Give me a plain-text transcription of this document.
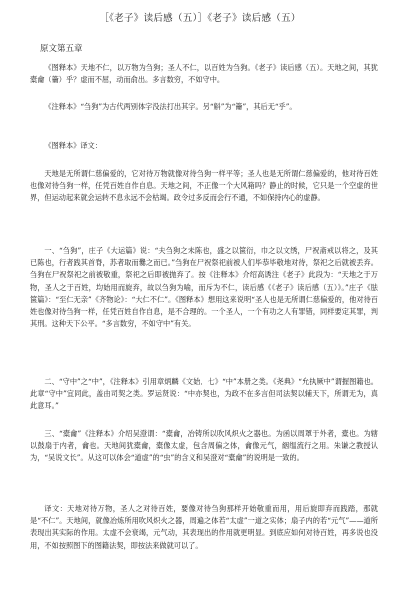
［《老子》读后感（五）］《老子》读后感（五）
原文第五章

《图释本》天地不仁，以万物为刍狗；圣人不仁，以百姓为刍狗。《老子》读后感（五）。天地之间，其犹橐龠（籥）乎？虚而不屈，动而俞出。多言数穷，不如守中。

《注释本》“刍狗”为古代两别体字没法打出其字。另“斛”为“籥”，其后无“乎”。

《图释本》译文：

天地是无所谓仁慈偏爱的，它对待万物就像对待刍狗一样平等；圣人也是无所谓仁慈偏爱的，他对待百姓也像对待刍狗一样，任凭百姓自作自息。天地之间，不正像一个大风箱吗？静止的时候，它只是一个空虚的世界，但运动起来就会运转不息永远不会枯竭。政令过多反而会行不通，不如保持内心的虚静。

一、“刍狗”，庄子《大运篇》说：“夫刍狗之未陈也，盛之以箧衍，巾之以文绣，尸祝斋戒以将之，及其已陈也，行者践其首脊，苏者取而爨之而已。”刍狗在尸祝祭祀前被人们毕恭毕敬地对待，祭祀之后就被丢弃。刍狗在尸祝祭祀之前被敬重，祭祀之后即被抛弃了。按《注释本》介绍高诱注《老子》此段为：“天地之于万物，圣人之于百姓，均始用而旋弃，故以刍狗为喻，而斥为不仁，读后感《《老子》读后感（五）》。”庄子《胠箧篇》：“至仁无亲”《齐物论》：“大仁不仁”。《图释本》想用这来说明“圣人也是无所谓仁慈偏爱的，他对待百姓也像对待刍狗一样，任凭百姓自作自息，是不合理的。一个圣人，一个有功之人有罪错，同样要定其罪，判其刑。这种天下公平。“多言数穷，不如守中”有关。

二、“守中”之“中”，《注释本》引用章炳麟《文始．七》“中”本册之类。《尧典》“允执厥中”谓握图籍也。此章“守中”宜同此，盖由司契之类。罗运贤说：“中亦契也，为政不在多言但司法契以辅天下，所谓无为，真此意耳。”

三、“橐龠”《注释本》介绍吴澄谓：“橐龠，冶铸所以吹风炽火之器也。为函以周罩于外者，橐也。为辖以鼓扇于内者，龠也。天地间犹橐龠，橐像太虚，包含周偏之体，龠像元气，絪缊流行之用。朱谦之教授认为，“吴说文长”。从这可以体会“道虚”的“虫”的含义和吴澄对“橐龠”的说明是一致的。

译文：天地对待万物，圣人之对待百姓，要像对待刍狗那样开始敬重而用，用后旋即弃而践踏，那就是“不仁”。天地间，就像冶炼所用吹风炽火之器，周遍之体若“太虚”一道之实体；扇子内的若“元气”——道所表现出其实际的作用。太虚不会衰竭，元气动，其表现出的作用就更明显。到底应如何对待百姓，再多说也没用，不如按照图下的图籍法契，即按法来做就可以了。
